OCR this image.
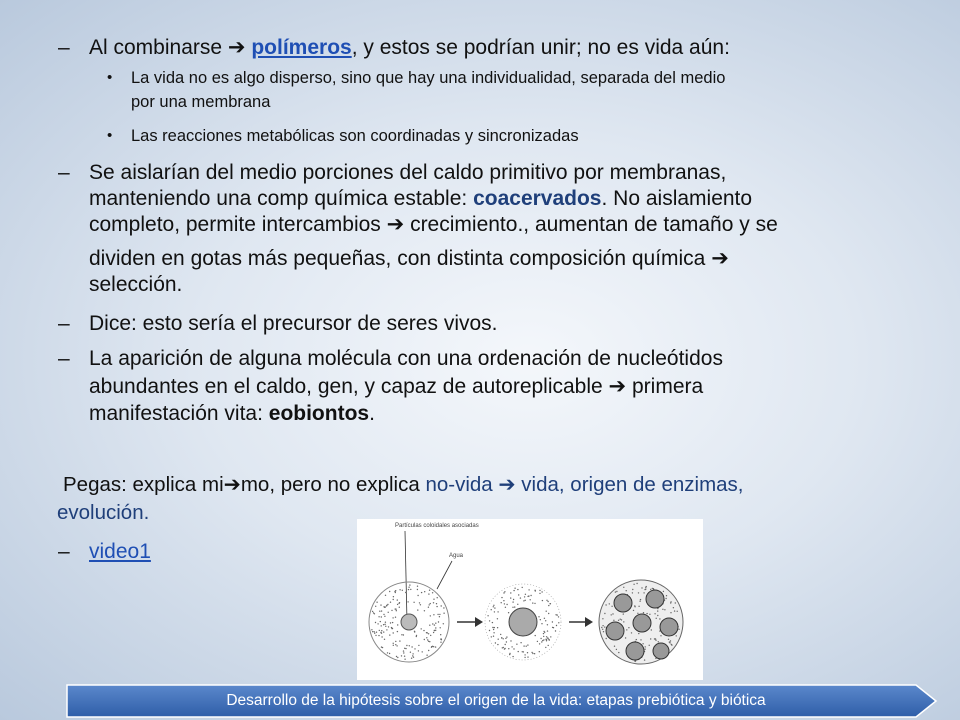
– Al combinarse ➔ polímeros, y estos se podrían unir; no es vida aún:
• La vida no es algo disperso, sino que hay una individualidad, separada del medio
por una membrana
• Las reacciones metabólicas son coordinadas y sincronizadas
– Se aislarían del medio porciones del caldo primitivo por membranas,
manteniendo una comp química estable: coacervados. No aislamiento
completo, permite intercambios ➔ crecimiento., aumentan de tamaño y se
dividen en gotas más pequeñas, con distinta composición química ➔
selección.
– Dice: esto sería el precursor de seres vivos.
– La aparición de alguna molécula con una ordenación de nucleótidos
abundantes en el caldo, gen, y capaz de autoreplicable ➔ primera
manifestación vita: eobiontos.
Pegas: explica mi➔mo, pero no explica no-vida ➔ vida, origen de enzimas,
evolución.
– video1
Partículas coloidales asociadas
Agua
Desarrollo de la hipótesis sobre el origen de la vida: etapas prebiótica y biótica
